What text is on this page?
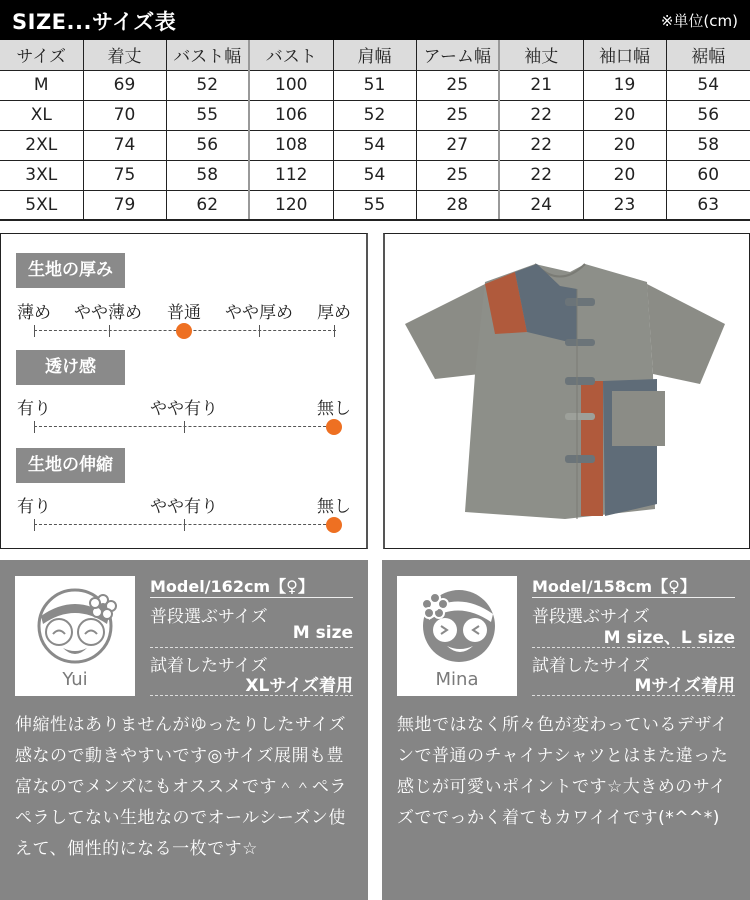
SIZE...サイズ表	※単位(cm)
サイズ	着丈	バスト幅	バスト	肩幅	アーム幅	袖丈	袖口幅	裾幅
M	69	52	100	51	25	21	19	54
XL	70	55	106	52	25	22	20	56
2XL	74	56	108	54	27	22	20	58
3XL	75	58	112	54	25	22	20	60
5XL	79	62	120	55	28	24	23	63
生地の厚み
薄め やや薄め 普通 やや厚め 厚め
透け感
有り	やや有り	無し
生地の伸縮
有り	やや有り	無し
Yui
Model/162cm【♀】
普段選ぶサイズ
M size
試着したサイズ
XLサイズ着用
伸縮性はありませんがゆったりしたサイズ感なので動きやすいです◎サイズ展開も豊富なのでメンズにもオススメです＾＾ペラペラしてない生地なのでオールシーズン使えて、個性的になる一枚です☆
Mina
Model/158cm【♀】
普段選ぶサイズ
M size、L size
試着したサイズ
Mサイズ着用
無地ではなく所々色が変わっているデザインで普通のチャイナシャツとはまた違った感じが可愛いポイントです☆大きめのサイズででっかく着てもカワイイです(*^^*)
